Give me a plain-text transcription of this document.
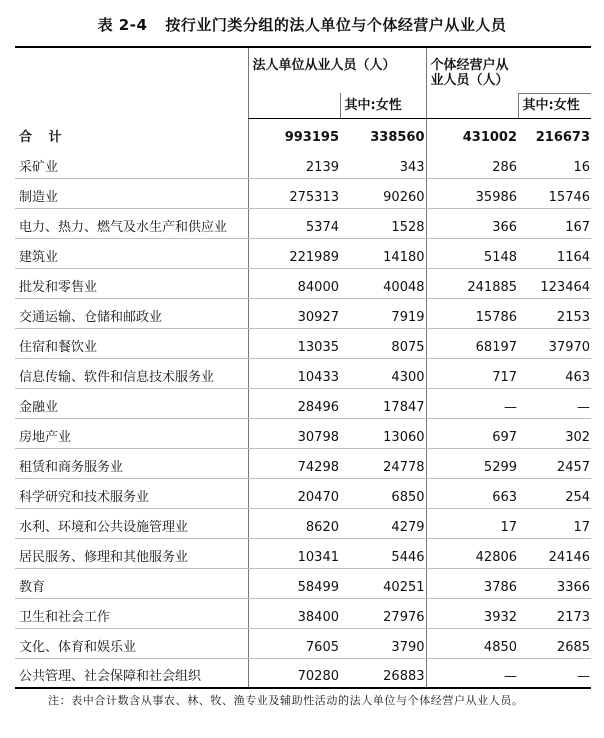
表 2-4 按行业门类分组的法人单位与个体经营户从业人员
	法人单位从业人员（人）		个体经营户从业人员（人）	
		其中:女性		其中:女性
合 计	993195	338560	431002	216673
采矿业	2139	343	286	16
制造业	275313	90260	35986	15746
电力、热力、燃气及水生产和供应业	5374	1528	366	167
建筑业	221989	14180	5148	1164
批发和零售业	84000	40048	241885	123464
交通运输、仓储和邮政业	30927	7919	15786	2153
住宿和餐饮业	13035	8075	68197	37970
信息传输、软件和信息技术服务业	10433	4300	717	463
金融业	28496	17847	—	—
房地产业	30798	13060	697	302
租赁和商务服务业	74298	24778	5299	2457
科学研究和技术服务业	20470	6850	663	254
水利、环境和公共设施管理业	8620	4279	17	17
居民服务、修理和其他服务业	10341	5446	42806	24146
教育	58499	40251	3786	3366
卫生和社会工作	38400	27976	3932	2173
文化、体育和娱乐业	7605	3790	4850	2685
公共管理、社会保障和社会组织	70280	26883	—	—
注：表中合计数含从事农、林、牧、渔专业及辅助性活动的法人单位与个体经营户从业人员。
